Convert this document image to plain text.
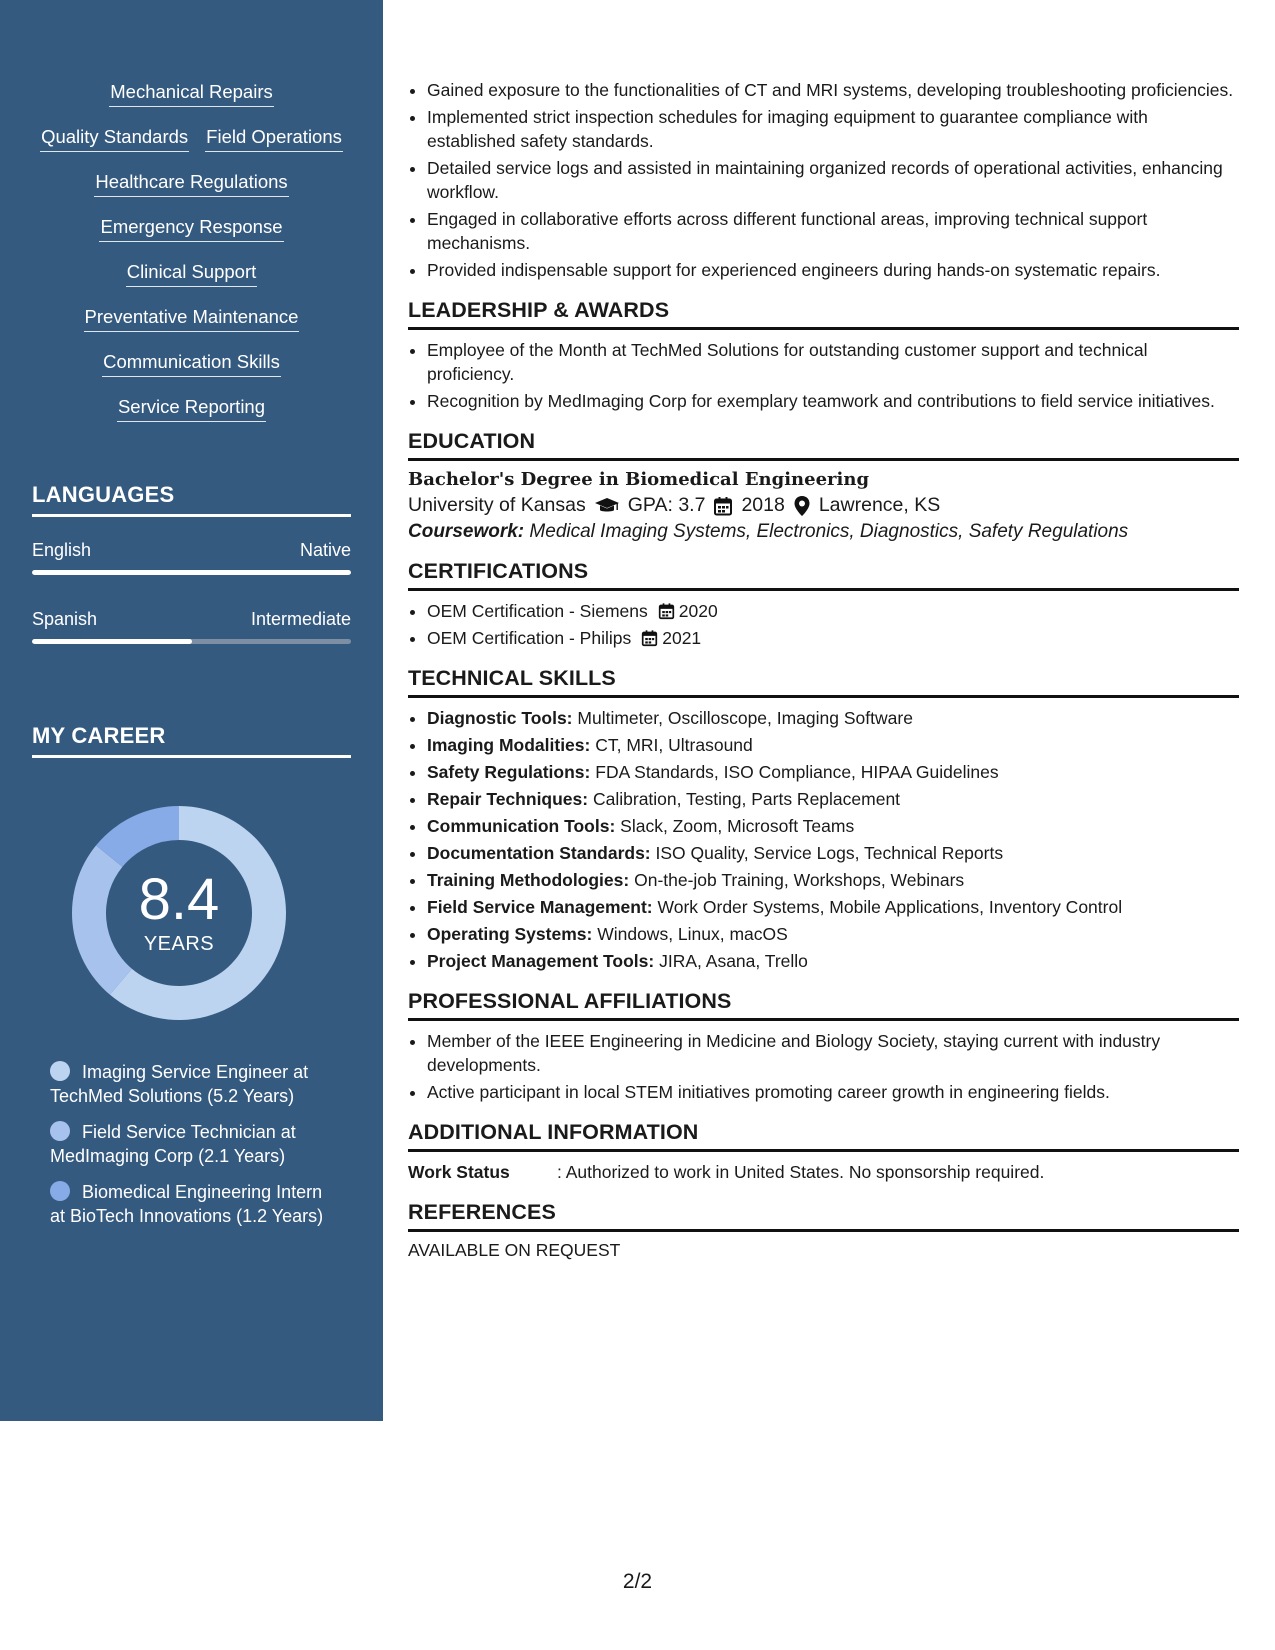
Mechanical Repairs
Quality Standards Field Operations
Healthcare Regulations
Emergency Response
Clinical Support
Preventative Maintenance
Communication Skills
Service Reporting
LANGUAGES
English	Native
Spanish	Intermediate
MY CAREER
8.4
YEARS
Imaging Service Engineer at TechMed Solutions (5.2 Years)
Field Service Technician at MedImaging Corp (2.1 Years)
Biomedical Engineering Intern at BioTech Innovations (1.2 Years)
• Gained exposure to the functionalities of CT and MRI systems, developing troubleshooting proficiencies.
• Implemented strict inspection schedules for imaging equipment to guarantee compliance with established safety standards.
• Detailed service logs and assisted in maintaining organized records of operational activities, enhancing workflow.
• Engaged in collaborative efforts across different functional areas, improving technical support mechanisms.
• Provided indispensable support for experienced engineers during hands-on systematic repairs.
LEADERSHIP & AWARDS
• Employee of the Month at TechMed Solutions for outstanding customer support and technical proficiency.
• Recognition by MedImaging Corp for exemplary teamwork and contributions to field service initiatives.
EDUCATION
Bachelor's Degree in Biomedical Engineering
University of Kansas GPA: 3.7 2018 Lawrence, KS
Coursework: Medical Imaging Systems, Electronics, Diagnostics, Safety Regulations
CERTIFICATIONS
• OEM Certification - Siemens 2020
• OEM Certification - Philips 2021
TECHNICAL SKILLS
• Diagnostic Tools: Multimeter, Oscilloscope, Imaging Software
• Imaging Modalities: CT, MRI, Ultrasound
• Safety Regulations: FDA Standards, ISO Compliance, HIPAA Guidelines
• Repair Techniques: Calibration, Testing, Parts Replacement
• Communication Tools: Slack, Zoom, Microsoft Teams
• Documentation Standards: ISO Quality, Service Logs, Technical Reports
• Training Methodologies: On-the-job Training, Workshops, Webinars
• Field Service Management: Work Order Systems, Mobile Applications, Inventory Control
• Operating Systems: Windows, Linux, macOS
• Project Management Tools: JIRA, Asana, Trello
PROFESSIONAL AFFILIATIONS
• Member of the IEEE Engineering in Medicine and Biology Society, staying current with industry developments.
• Active participant in local STEM initiatives promoting career growth in engineering fields.
ADDITIONAL INFORMATION
Work Status	: Authorized to work in United States. No sponsorship required.
REFERENCES
AVAILABLE ON REQUEST
2/2
